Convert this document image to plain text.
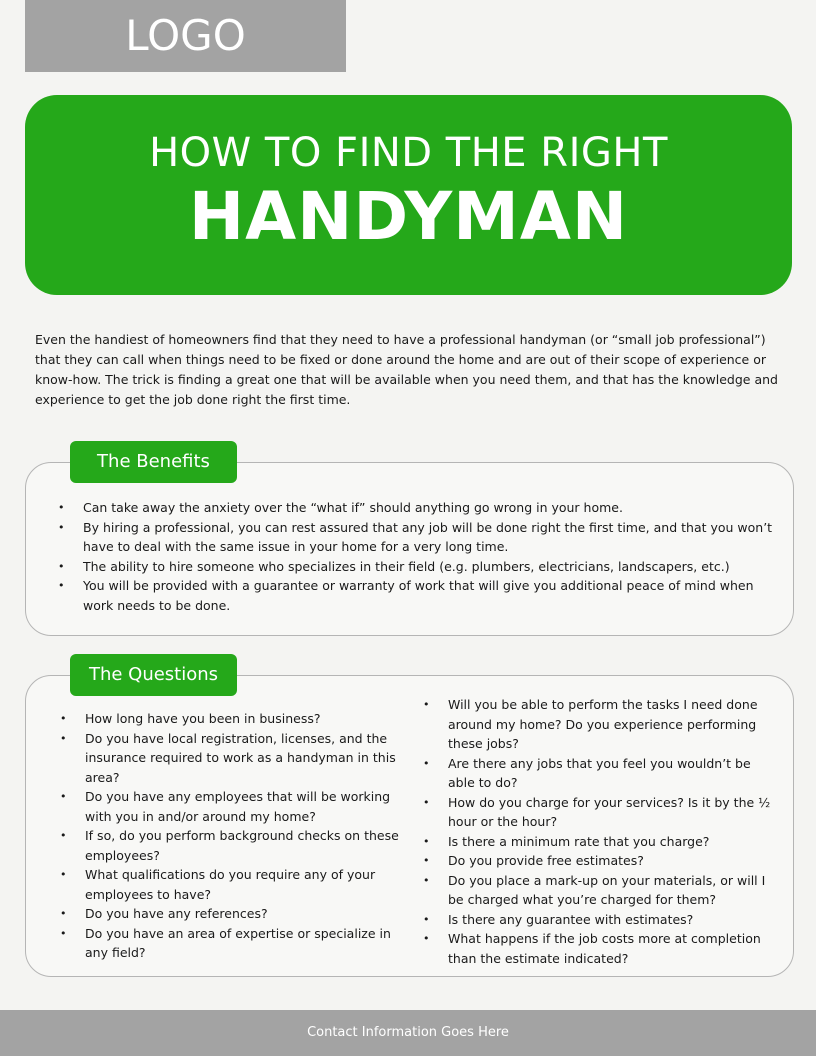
LOGO
HOW TO FIND THE RIGHT
HANDYMAN
Even the handiest of homeowners find that they need to have a professional handyman (or “small job professional”) that they can call when things need to be fixed or done around the home and are out of their scope of experience or know-how. The trick is finding a great one that will be available when you need them, and that has the knowledge and experience to get the job done right the first time.
The Benefits
• Can take away the anxiety over the “what if” should anything go wrong in your home.
• By hiring a professional, you can rest assured that any job will be done right the first time, and that you won’t have to deal with the same issue in your home for a very long time.
• The ability to hire someone who specializes in their field (e.g. plumbers, electricians, landscapers, etc.)
• You will be provided with a guarantee or warranty of work that will give you additional peace of mind when work needs to be done.
The Questions
• How long have you been in business?
• Do you have local registration, licenses, and the insurance required to work as a handyman in this area?
• Do you have any employees that will be working with you in and/or around my home?
• If so, do you perform background checks on these employees?
• What qualifications do you require any of your employees to have?
• Do you have any references?
• Do you have an area of expertise or specialize in any field?
• Will you be able to perform the tasks I need done around my home? Do you experience performing these jobs?
• Are there any jobs that you feel you wouldn’t be able to do?
• How do you charge for your services? Is it by the ½ hour or the hour?
• Is there a minimum rate that you charge?
• Do you provide free estimates?
• Do you place a mark-up on your materials, or will I be charged what you’re charged for them?
• Is there any guarantee with estimates?
• What happens if the job costs more at completion than the estimate indicated?
Contact Information Goes Here
